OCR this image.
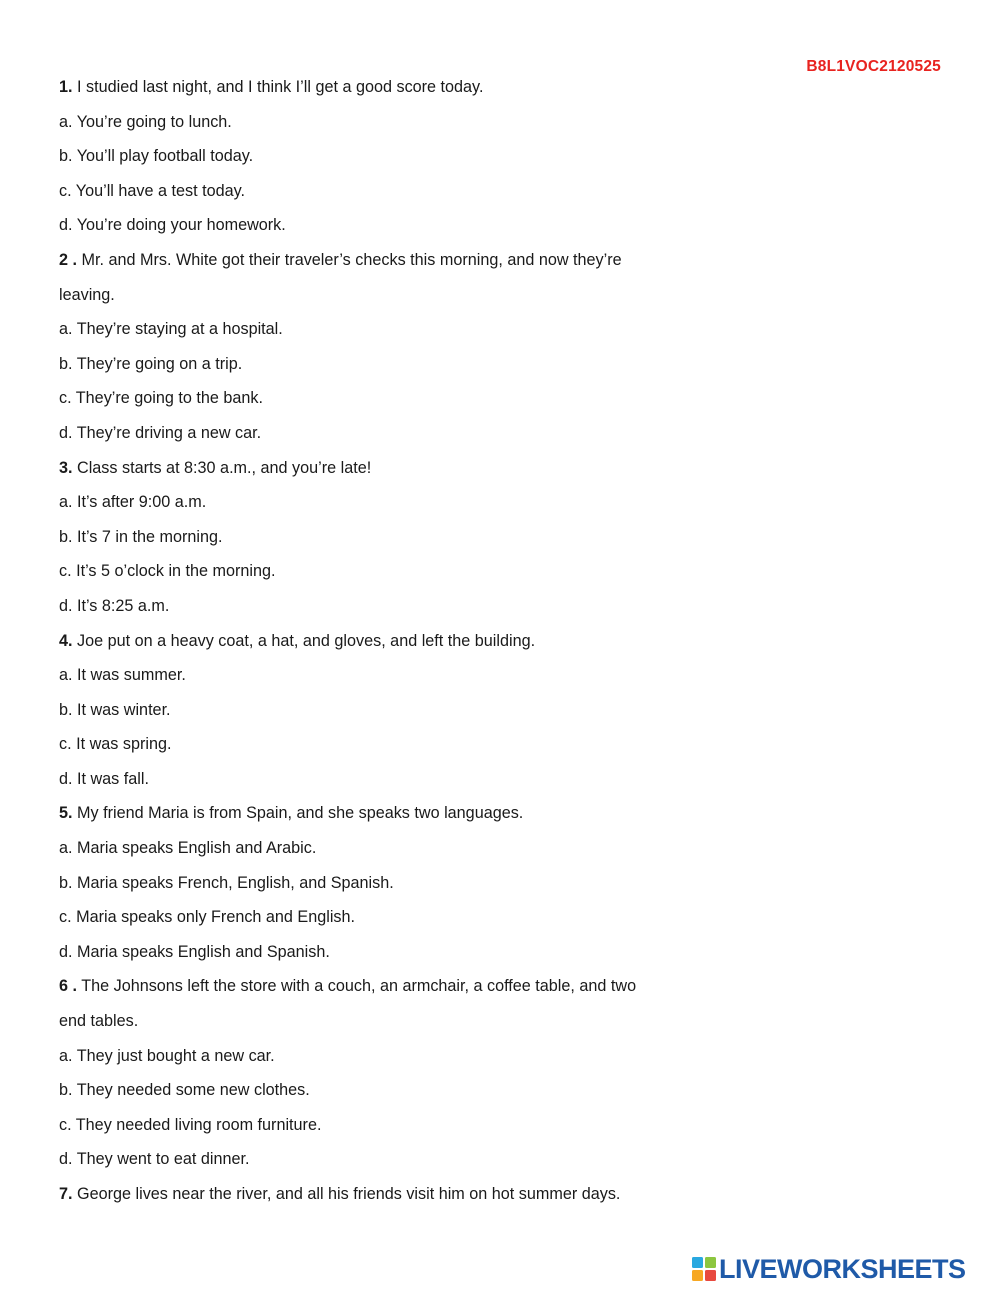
B8L1VOC2120525
1. I studied last night, and I think I’ll get a good score today.
a. You’re going to lunch.
b. You’ll play football today.
c. You’ll have a test today.
d. You’re doing your homework.
2 . Mr. and Mrs. White got their traveler’s checks this morning, and now they’re
leaving.
a. They’re staying at a hospital.
b. They’re going on a trip.
c. They’re going to the bank.
d. They’re driving a new car.
3. Class starts at 8:30 a.m., and you’re late!
a. It’s after 9:00 a.m.
b. It’s 7 in the morning.
c. It’s 5 o’clock in the morning.
d. It’s 8:25 a.m.
4. Joe put on a heavy coat, a hat, and gloves, and left the building.
a. It was summer.
b. It was winter.
c. It was spring.
d. It was fall.
5. My friend Maria is from Spain, and she speaks two languages.
a. Maria speaks English and Arabic.
b. Maria speaks French, English, and Spanish.
c. Maria speaks only French and English.
d. Maria speaks English and Spanish.
6 . The Johnsons left the store with a couch, an armchair, a coffee table, and two
end tables.
a. They just bought a new car.
b. They needed some new clothes.
c. They needed living room furniture.
d. They went to eat dinner.
7. George lives near the river, and all his friends visit him on hot summer days.
LIVEWORKSHEETS
